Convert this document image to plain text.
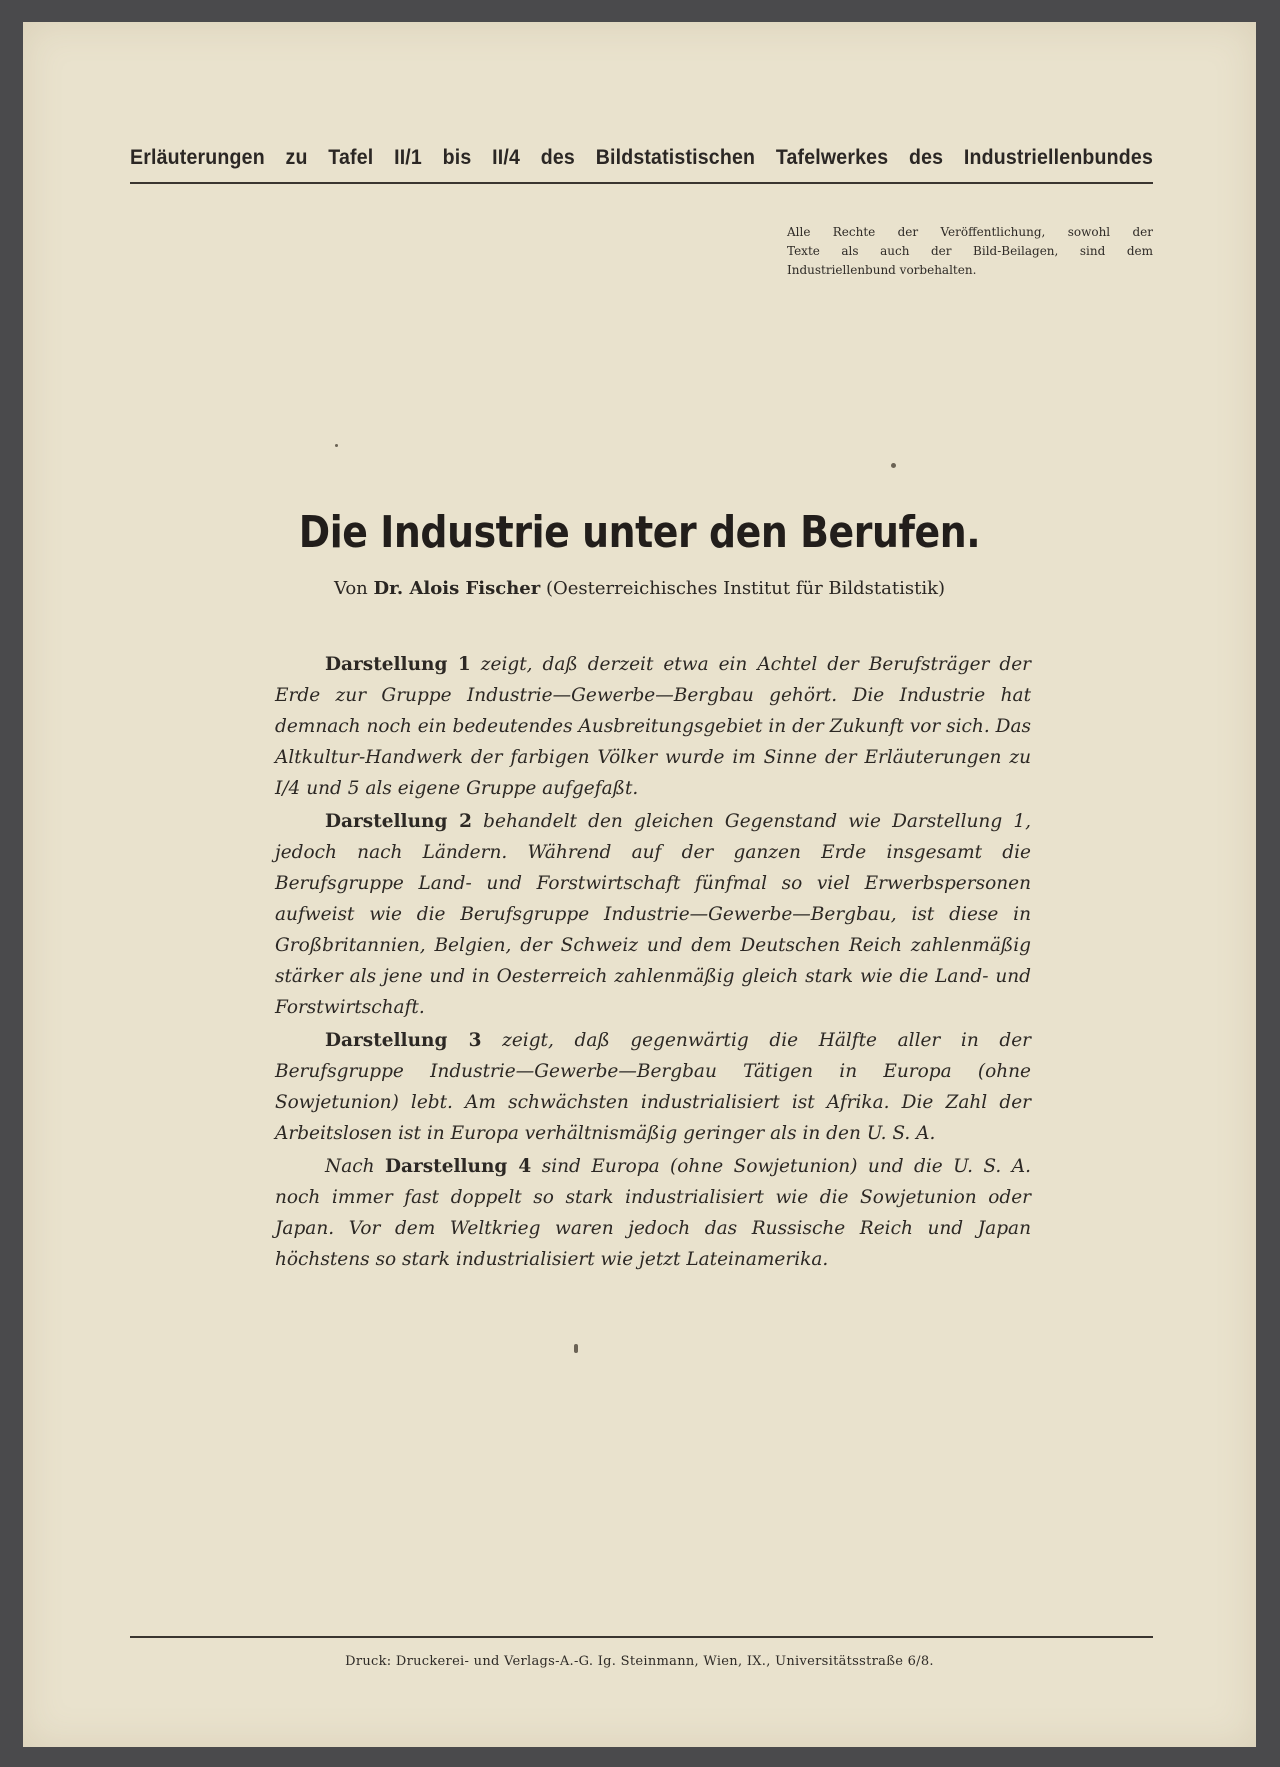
Erläuterungen zu Tafel II/1 bis II/4 des Bildstatistischen Tafelwerkes des Industriellenbundes
Alle Rechte der Veröffentlichung, sowohl der
Texte als auch der Bild-Beilagen, sind dem
Industriellenbund vorbehalten.
Die Industrie unter den Berufen.
Von Dr. Alois Fischer (Oesterreichisches Institut für Bildstatistik)

Darstellung 1 zeigt, daß derzeit etwa ein Achtel der Berufsträger der Erde zur Gruppe Industrie—Gewerbe—Bergbau gehört. Die Industrie hat demnach noch ein bedeutendes Ausbreitungsgebiet in der Zukunft vor sich. Das Altkultur-Handwerk der farbigen Völker wurde im Sinne der Erläuterungen zu I/4 und 5 als eigene Gruppe aufgefaßt.

Darstellung 2 behandelt den gleichen Gegenstand wie Darstellung 1, jedoch nach Ländern. Während auf der ganzen Erde insgesamt die Berufsgruppe Land- und Forstwirtschaft fünfmal so viel Erwerbspersonen aufweist wie die Berufsgruppe Industrie—Gewerbe—Bergbau, ist diese in Großbritannien, Belgien, der Schweiz und dem Deutschen Reich zahlenmäßig stärker als jene und in Oesterreich zahlenmäßig gleich stark wie die Land- und Forstwirtschaft.

Darstellung 3 zeigt, daß gegenwärtig die Hälfte aller in der Berufsgruppe Industrie—Gewerbe—Bergbau Tätigen in Europa (ohne Sowjetunion) lebt. Am schwächsten industrialisiert ist Afrika. Die Zahl der Arbeitslosen ist in Europa verhältnismäßig geringer als in den U. S. A.

Nach Darstellung 4 sind Europa (ohne Sowjetunion) und die U. S. A. noch immer fast doppelt so stark industrialisiert wie die Sowjetunion oder Japan. Vor dem Weltkrieg waren jedoch das Russische Reich und Japan höchstens so stark industrialisiert wie jetzt Lateinamerika.

Druck: Druckerei- und Verlags-A.-G. Ig. Steinmann, Wien, IX., Universitätsstraße 6/8.
